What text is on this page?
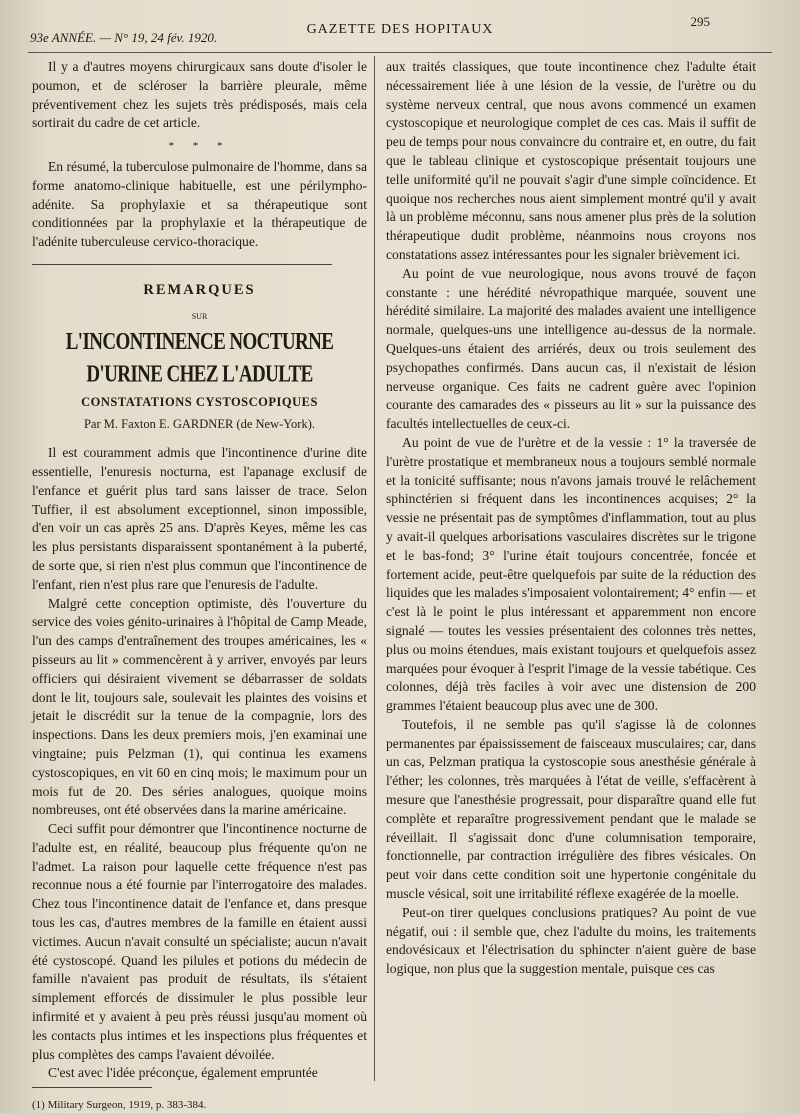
93e ANNÉE. — N° 19, 24 fév. 1920.
GAZETTE DES HOPITAUX
295

Il y a d'autres moyens chirurgicaux sans doute d'isoler le poumon, et de scléroser la barrière pleurale, même préventivement chez les sujets très prédisposés, mais cela sortirait du cadre de cet article.

* * *

En résumé, la tuberculose pulmonaire de l'homme, dans sa forme anatomo-clinique habituelle, est une périlympho-adénite. Sa prophylaxie et sa thérapeutique sont conditionnées par la prophylaxie et la thérapeutique de l'adénite tuberculeuse cervico-thoracique.

REMARQUES
SUR
L'INCONTINENCE NOCTURNE D'URINE CHEZ L'ADULTE
CONSTATATIONS CYSTOSCOPIQUES
Par M. Faxton E. GARDNER (de New-York).

Il est couramment admis que l'incontinence d'urine dite essentielle, l'enuresis nocturna, est l'apanage exclusif de l'enfance et guérit plus tard sans laisser de trace. Selon Tuffier, il est absolument exceptionnel, sinon impossible, d'en voir un cas après 25 ans. D'après Keyes, même les cas les plus persistants disparaissent spontanément à la puberté, de sorte que, si rien n'est plus commun que l'incontinence de l'enfant, rien n'est plus rare que l'enuresis de l'adulte.

Malgré cette conception optimiste, dès l'ouverture du service des voies génito-urinaires à l'hôpital de Camp Meade, l'un des camps d'entraînement des troupes américaines, les « pisseurs au lit » commencèrent à y arriver, envoyés par leurs officiers qui désiraient vivement se débarrasser de soldats dont le lit, toujours sale, soulevait les plaintes des voisins et jetait le discrédit sur la tenue de la compagnie, lors des inspections. Dans les deux premiers mois, j'en examinai une vingtaine; puis Pelzman (1), qui continua les examens cystoscopiques, en vit 60 en cinq mois; le maximum pour un mois fut de 20. Des séries analogues, quoique moins nombreuses, ont été observées dans la marine américaine.

Ceci suffit pour démontrer que l'incontinence nocturne de l'adulte est, en réalité, beaucoup plus fréquente qu'on ne l'admet. La raison pour laquelle cette fréquence n'est pas reconnue nous a été fournie par l'interrogatoire des malades. Chez tous l'incontinence datait de l'enfance et, dans presque tous les cas, d'autres membres de la famille en étaient aussi victimes. Aucun n'avait consulté un spécialiste; aucun n'avait été cystoscopé. Quand les pilules et potions du médecin de famille n'avaient pas produit de résultats, ils s'étaient simplement efforcés de dissimuler le plus possible leur infirmité et y avaient à peu près réussi jusqu'au moment où les contacts plus intimes et les inspections plus fréquentes et plus complètes des camps l'avaient dévoilée.

C'est avec l'idée préconçue, également empruntée

(1) Military Surgeon, 1919, p. 383-384.

aux traités classiques, que toute incontinence chez l'adulte était nécessairement liée à une lésion de la vessie, de l'urètre ou du système nerveux central, que nous avons commencé un examen cystoscopique et neurologique complet de ces cas. Mais il suffit de peu de temps pour nous convaincre du contraire et, en outre, du fait que le tableau clinique et cystoscopique présentait toujours une telle uniformité qu'il ne pouvait s'agir d'une simple coïncidence. Et quoique nos recherches nous aient simplement montré qu'il y avait là un problème méconnu, sans nous amener plus près de la solution thérapeutique dudit problème, néanmoins nous croyons nos constatations assez intéressantes pour les signaler brièvement ici.

Au point de vue neurologique, nous avons trouvé de façon constante : une hérédité névropathique marquée, souvent une hérédité similaire. La majorité des malades avaient une intelligence normale, quelques-uns une intelligence au-dessus de la normale. Quelques-uns étaient des arriérés, deux ou trois seulement des psychopathes confirmés. Dans aucun cas, il n'existait de lésion nerveuse organique. Ces faits ne cadrent guère avec l'opinion courante des camarades des « pisseurs au lit » sur la puissance des facultés intellectuelles de ceux-ci.

Au point de vue de l'urètre et de la vessie : 1° la traversée de l'urètre prostatique et membraneux nous a toujours semblé normale et la tonicité suffisante; nous n'avons jamais trouvé le relâchement sphinctérien si fréquent dans les incontinences acquises; 2° la vessie ne présentait pas de symptômes d'inflammation, tout au plus y avait-il quelques arborisations vasculaires discrètes sur le trigone et le bas-fond; 3° l'urine était toujours concentrée, foncée et fortement acide, peut-être quelquefois par suite de la réduction des liquides que les malades s'imposaient volontairement; 4° enfin — et c'est là le point le plus intéressant et apparemment non encore signalé — toutes les vessies présentaient des colonnes très nettes, plus ou moins étendues, mais existant toujours et quelquefois assez marquées pour évoquer à l'esprit l'image de la vessie tabétique. Ces colonnes, déjà très faciles à voir avec une distension de 200 grammes l'étaient beaucoup plus avec une de 300.

Toutefois, il ne semble pas qu'il s'agisse là de colonnes permanentes par épaississement de faisceaux musculaires; car, dans un cas, Pelzman pratiqua la cystoscopie sous anesthésie générale à l'éther; les colonnes, très marquées à l'état de veille, s'effacèrent à mesure que l'anesthésie progressait, pour disparaître quand elle fut complète et reparaître progressivement pendant que le malade se réveillait. Il s'agissait donc d'une columnisation temporaire, fonctionnelle, par contraction irrégulière des fibres vésicales. On peut voir dans cette condition soit une hypertonie congénitale du muscle vésical, soit une irritabilité réflexe exagérée de la moelle.

Peut-on tirer quelques conclusions pratiques? Au point de vue négatif, oui : il semble que, chez l'adulte du moins, les traitements endovésicaux et l'électrisation du sphincter n'aient guère de base logique, non plus que la suggestion mentale, puisque ces cas
